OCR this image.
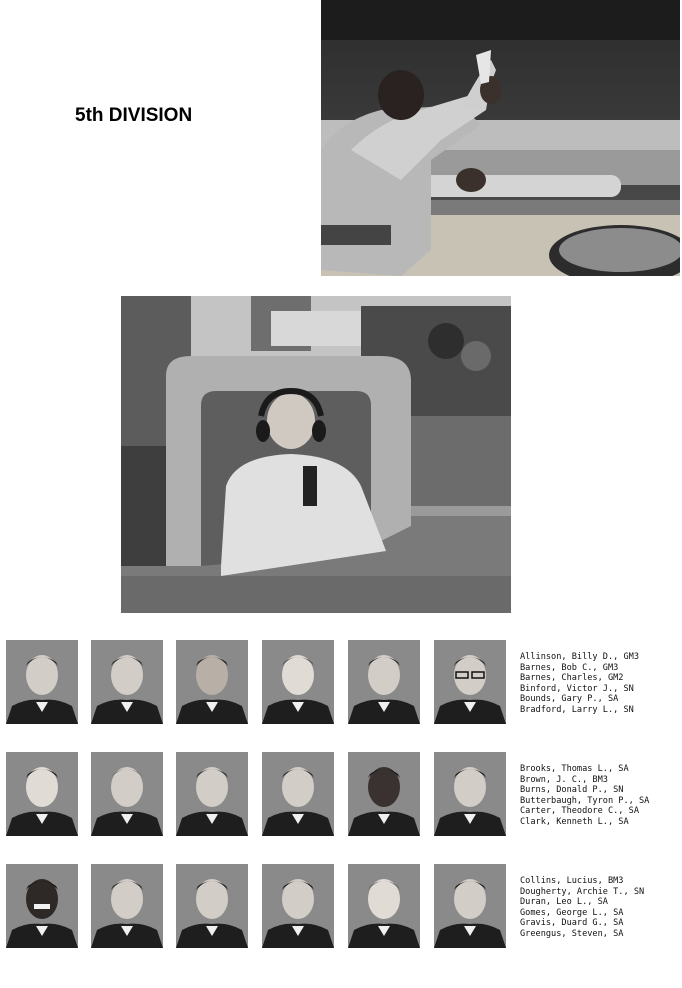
5th DIVISION
Allinson, Billy D., GM3
Barnes, Bob C., GM3
Barnes, Charles, GM2
Binford, Victor J., SN
Bounds, Gary P., SA
Bradford, Larry L., SN
Brooks, Thomas L., SA
Brown, J. C., BM3
Burns, Donald P., SN
Butterbaugh, Tyron P., SA
Carter, Theodore C., SA
Clark, Kenneth L., SA
Collins, Lucius, BM3
Dougherty, Archie T., SN
Duran, Leo L., SA
Gomes, George L., SA
Gravis, Duard G., SA
Greengus, Steven, SA
